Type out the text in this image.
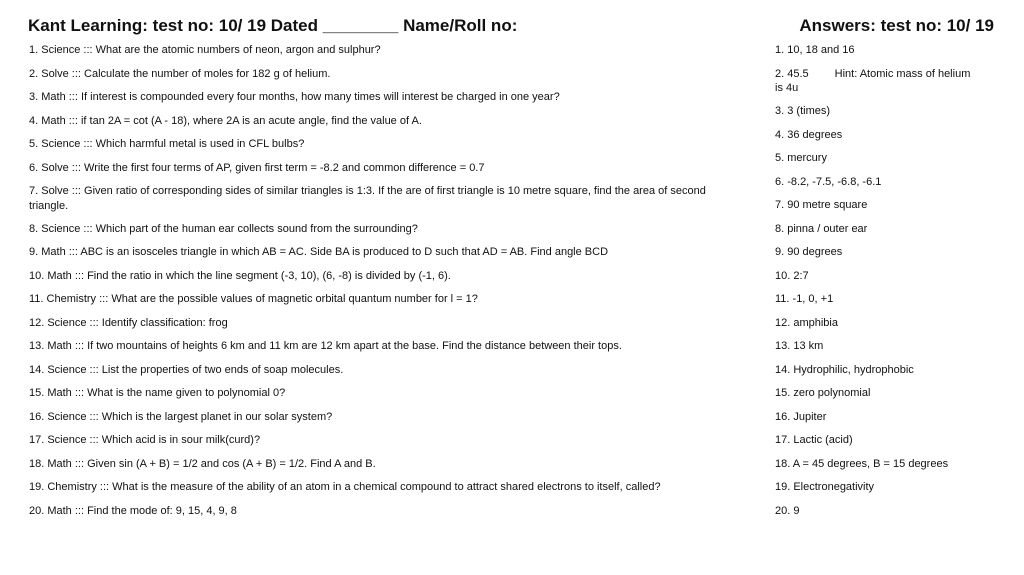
Kant Learning: test no: 10/ 19 Dated ________ Name/Roll no:	Answers: test no: 10/ 19
1. Science ::: What are the atomic numbers of neon, argon and sulphur?
2. Solve ::: Calculate the number of moles for 182 g of helium.
3. Math ::: If interest is compounded every four months, how many times will interest be charged in one year?
4. Math ::: if tan 2A = cot (A - 18), where 2A is an acute angle, find the value of A.
5. Science ::: Which harmful metal is used in CFL bulbs?
6. Solve ::: Write the first four terms of AP, given first term = -8.2 and common difference = 0.7
7. Solve ::: Given ratio of corresponding sides of similar triangles is 1:3. If the are of first triangle is 10 metre square, find the area of second triangle.
8. Science ::: Which part of the human ear collects sound from the surrounding?
9. Math ::: ABC is an isosceles triangle in which AB = AC. Side BA is produced to D such that AD = AB. Find angle BCD
10. Math ::: Find the ratio in which the line segment (-3, 10), (6, -8) is divided by (-1, 6).
11. Chemistry ::: What are the possible values of magnetic orbital quantum number for l = 1?
12. Science ::: Identify classification: frog
13. Math ::: If two mountains of heights 6 km and 11 km are 12 km apart at the base. Find the distance between their tops.
14. Science ::: List the properties of two ends of soap molecules.
15. Math ::: What is the name given to polynomial 0?
16. Science ::: Which is the largest planet in our solar system?
17. Science ::: Which acid is in sour milk(curd)?
18. Math ::: Given sin (A + B) = 1/2 and cos (A + B) = 1/2. Find A and B.
19. Chemistry ::: What is the measure of the ability of an atom in a chemical compound to attract shared electrons to itself, called?
20. Math ::: Find the mode of: 9, 15, 4, 9, 8
1. 10, 18 and 16
2. 45.5 Hint: Atomic mass of helium is 4u
3. 3 (times)
4. 36 degrees
5. mercury
6. -8.2, -7.5, -6.8, -6.1
7. 90 metre square
8. pinna / outer ear
9. 90 degrees
10. 2:7
11. -1, 0, +1
12. amphibia
13. 13 km
14. Hydrophilic, hydrophobic
15. zero polynomial
16. Jupiter
17. Lactic (acid)
18. A = 45 degrees, B = 15 degrees
19. Electronegativity
20. 9
